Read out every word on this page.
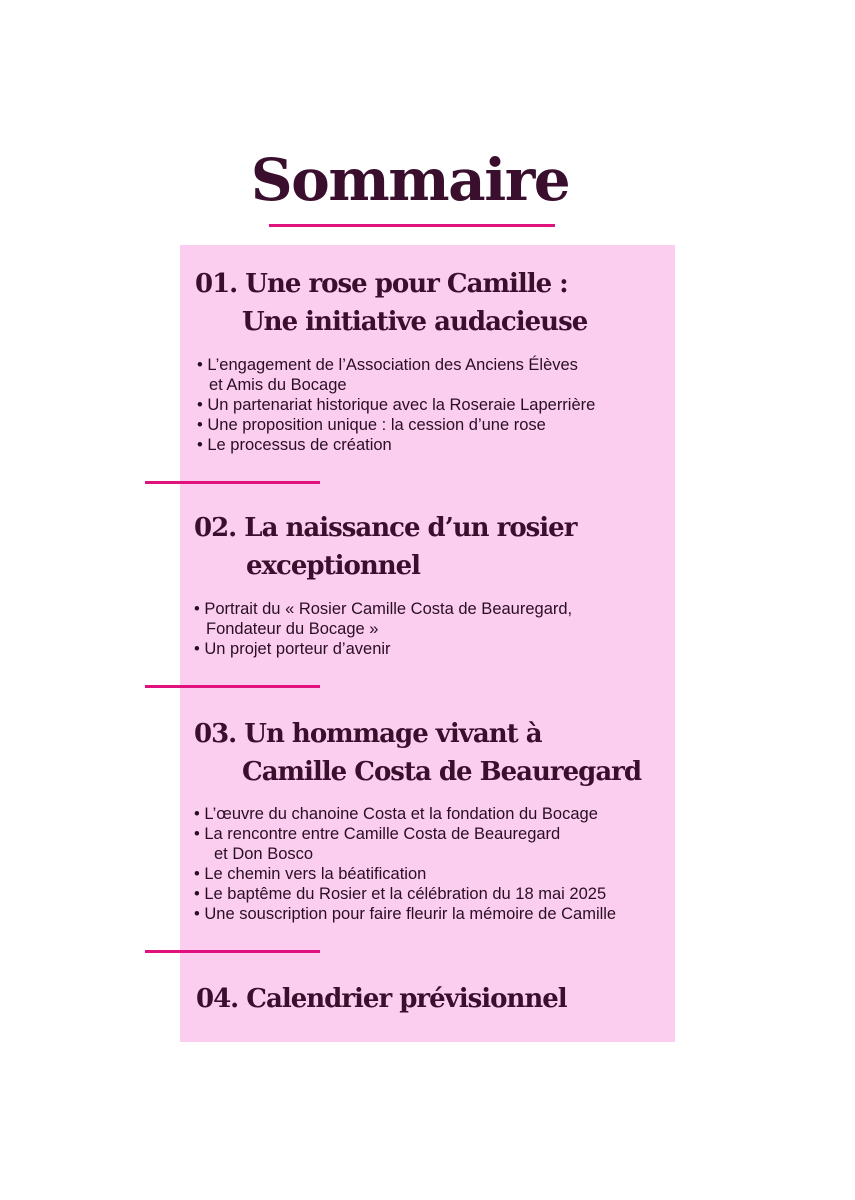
Sommaire
01. Une rose pour Camille :
Une initiative audacieuse
• L’engagement de l’Association des Anciens Élèves
et Amis du Bocage
• Un partenariat historique avec la Roseraie Laperrière
• Une proposition unique : la cession d’une rose
• Le processus de création
02. La naissance d’un rosier
exceptionnel
• Portrait du « Rosier Camille Costa de Beauregard,
Fondateur du Bocage »
• Un projet porteur d’avenir
03. Un hommage vivant à
Camille Costa de Beauregard
• L’œuvre du chanoine Costa et la fondation du Bocage
• La rencontre entre Camille Costa de Beauregard
et Don Bosco
• Le chemin vers la béatification
• Le baptême du Rosier et la célébration du 18 mai 2025
• Une souscription pour faire fleurir la mémoire de Camille
04. Calendrier prévisionnel
